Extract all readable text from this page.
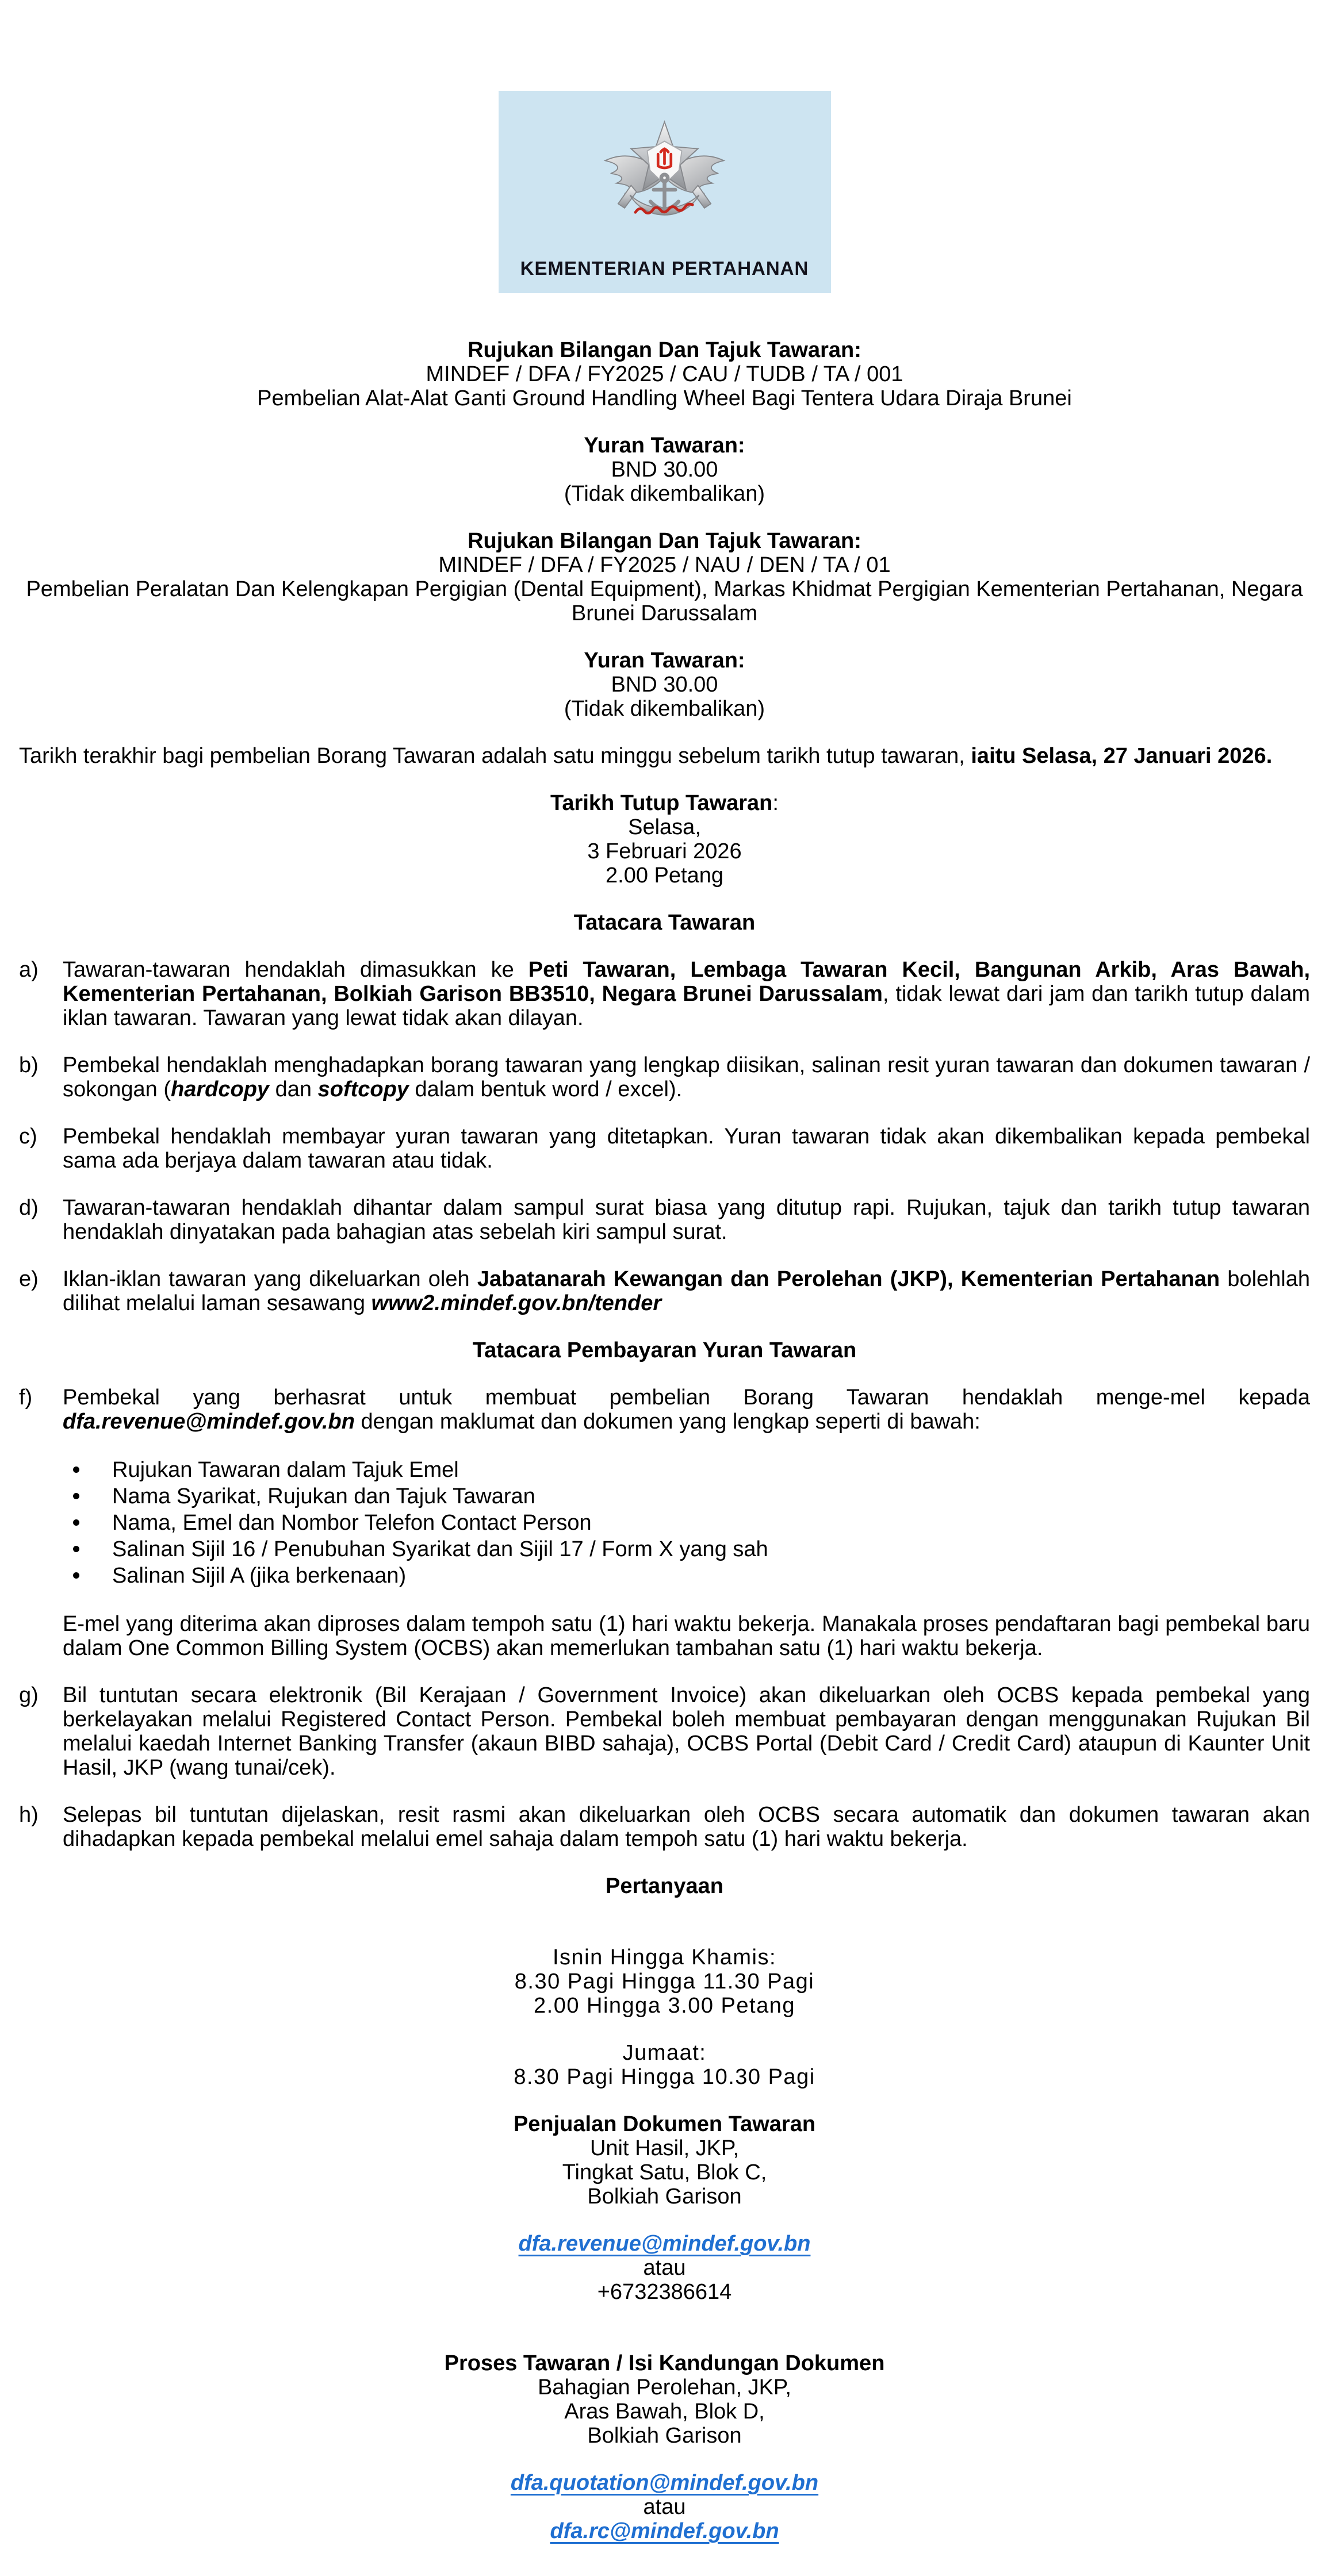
KEMENTERIAN PERTAHANAN
Rujukan Bilangan Dan Tajuk Tawaran:
MINDEF / DFA / FY2025 / CAU / TUDB / TA / 001
Pembelian Alat-Alat Ganti Ground Handling Wheel Bagi Tentera Udara Diraja Brunei
Yuran Tawaran:
BND 30.00
(Tidak dikembalikan)
Rujukan Bilangan Dan Tajuk Tawaran:
MINDEF / DFA / FY2025 / NAU / DEN / TA / 01
Pembelian Peralatan Dan Kelengkapan Pergigian (Dental Equipment), Markas Khidmat Pergigian Kementerian Pertahanan, Negara Brunei Darussalam
Yuran Tawaran:
BND 30.00
(Tidak dikembalikan)
Tarikh terakhir bagi pembelian Borang Tawaran adalah satu minggu sebelum tarikh tutup tawaran, iaitu Selasa, 27 Januari 2026.
Tarikh Tutup Tawaran:
Selasa,
3 Februari 2026
2.00 Petang
Tatacara Tawaran
a) Tawaran-tawaran hendaklah dimasukkan ke Peti Tawaran, Lembaga Tawaran Kecil, Bangunan Arkib, Aras Bawah, Kementerian Pertahanan, Bolkiah Garison BB3510, Negara Brunei Darussalam, tidak lewat dari jam dan tarikh tutup dalam iklan tawaran. Tawaran yang lewat tidak akan dilayan.
b) Pembekal hendaklah menghadapkan borang tawaran yang lengkap diisikan, salinan resit yuran tawaran dan dokumen tawaran / sokongan (hardcopy dan softcopy dalam bentuk word / excel).
c) Pembekal hendaklah membayar yuran tawaran yang ditetapkan. Yuran tawaran tidak akan dikembalikan kepada pembekal sama ada berjaya dalam tawaran atau tidak.
d) Tawaran-tawaran hendaklah dihantar dalam sampul surat biasa yang ditutup rapi. Rujukan, tajuk dan tarikh tutup tawaran hendaklah dinyatakan pada bahagian atas sebelah kiri sampul surat.
e) Iklan-iklan tawaran yang dikeluarkan oleh Jabatanarah Kewangan dan Perolehan (JKP), Kementerian Pertahanan bolehlah dilihat melalui laman sesawang www2.mindef.gov.bn/tender
Tatacara Pembayaran Yuran Tawaran
f) Pembekal yang berhasrat untuk membuat pembelian Borang Tawaran hendaklah menge-mel kepada dfa.revenue@mindef.gov.bn dengan maklumat dan dokumen yang lengkap seperti di bawah:
Rujukan Tawaran dalam Tajuk Emel
Nama Syarikat, Rujukan dan Tajuk Tawaran
Nama, Emel dan Nombor Telefon Contact Person
Salinan Sijil 16 / Penubuhan Syarikat dan Sijil 17 / Form X yang sah
Salinan Sijil A (jika berkenaan)
E-mel yang diterima akan diproses dalam tempoh satu (1) hari waktu bekerja. Manakala proses pendaftaran bagi pembekal baru dalam One Common Billing System (OCBS) akan memerlukan tambahan satu (1) hari waktu bekerja.
g) Bil tuntutan secara elektronik (Bil Kerajaan / Government Invoice) akan dikeluarkan oleh OCBS kepada pembekal yang berkelayakan melalui Registered Contact Person. Pembekal boleh membuat pembayaran dengan menggunakan Rujukan Bil melalui kaedah Internet Banking Transfer (akaun BIBD sahaja), OCBS Portal (Debit Card / Credit Card) ataupun di Kaunter Unit Hasil, JKP (wang tunai/cek).
h) Selepas bil tuntutan dijelaskan, resit rasmi akan dikeluarkan oleh OCBS secara automatik dan dokumen tawaran akan dihadapkan kepada pembekal melalui emel sahaja dalam tempoh satu (1) hari waktu bekerja.
Pertanyaan
Isnin Hingga Khamis:
8.30 Pagi Hingga 11.30 Pagi
2.00 Hingga 3.00 Petang
Jumaat:
8.30 Pagi Hingga 10.30 Pagi
Penjualan Dokumen Tawaran
Unit Hasil, JKP,
Tingkat Satu, Blok C,
Bolkiah Garison
dfa.revenue@mindef.gov.bn
atau
+6732386614
Proses Tawaran / Isi Kandungan Dokumen
Bahagian Perolehan, JKP,
Aras Bawah, Blok D,
Bolkiah Garison
dfa.quotation@mindef.gov.bn
atau
dfa.rc@mindef.gov.bn
